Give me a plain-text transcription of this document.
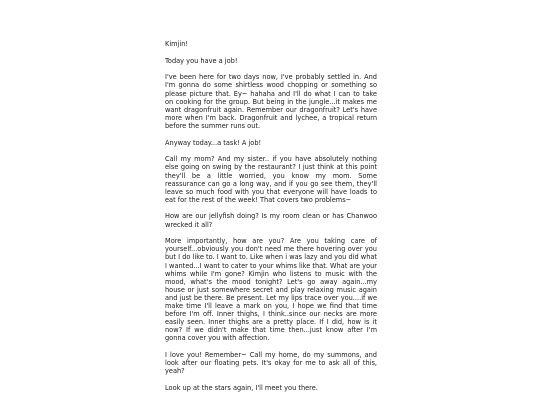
Kimjin!

Today you have a job!

I've been here for two days now, I've probably settled in. And I'm gonna do some shirtless wood chopping or something so please picture that. Ey~ hahaha and I'll do what I can to take on cooking for the group. But being in the jungle...it makes me want dragonfruit again. Remember our dragonfruit? Let's have more when I'm back. Dragonfruit and lychee, a tropical return before the summer runs out.

Anyway today...a task! A job!

Call my mom? And my sister.. if you have absolutely nothing else going on swing by the restaurant? I just think at this point they'll be a little worried, you know my mom. Some reassurance can go a long way, and if you go see them, they'll leave so much food with you that everyone will have loads to eat for the rest of the week! That covers two problems~

How are our jellyfish doing? Is my room clean or has Chanwoo wrecked it all?

More importantly, how are you? Are you taking care of yourself...obviously you don't need me there hovering over you but I do like to. I want to. Like when i was lazy and you did what I wanted...I want to cater to your whims like that. What are your whims while I'm gone? Kimjin who listens to music with the mood, what's the mood tonight? Let's go away again...my house or just somewhere secret and play relaxing music again and just be there. Be present. Let my lips trace over you....if we make time I'll leave a mark on you, I hope we find that time before I'm off. Inner thighs, I think..since our necks are more easily seen. Inner thighs are a pretty place. If I did, how is it now? If we didn't make that time then...just know after I'm gonna cover you with affection.

I love you! Remember~ Call my home, do my summons, and look after our floating pets. It's okay for me to ask all of this, yeah?

Look up at the stars again, I'll meet you there.
